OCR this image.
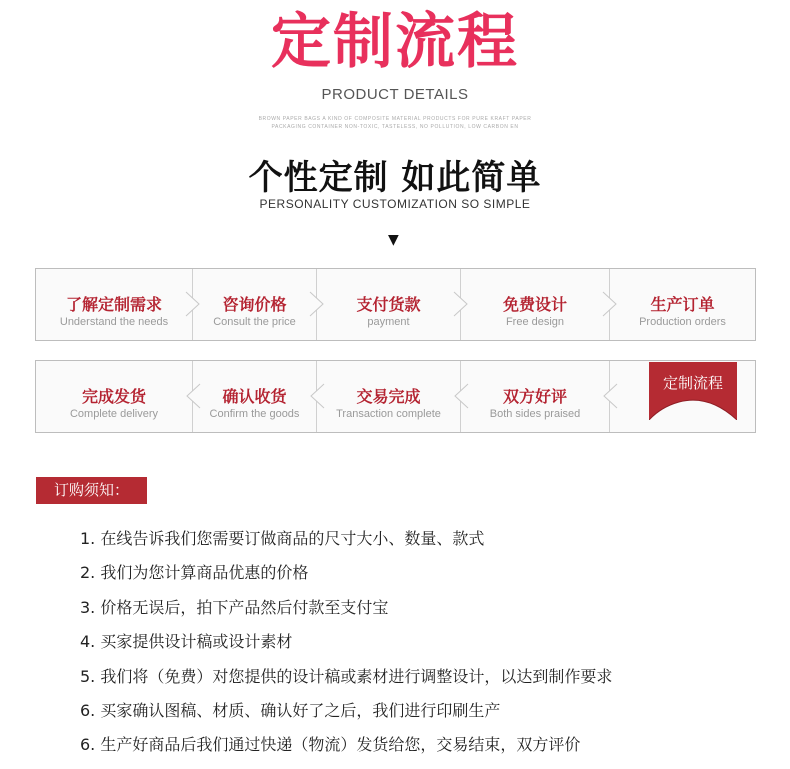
定制流程
PRODUCT DETAILS
BROWN PAPER BAGS A KIND OF COMPOSITE MATERIAL PRODUCTS FOR PURE KRAFT PAPER
PACKAGING CONTAINER NON-TOXIC, TASTELESS, NO POLLUTION, LOW CARBON EN
个性定制 如此简单
PERSONALITY CUSTOMIZATION SO SIMPLE
▼
了解定制需求
Understand the needs
咨询价格
Consult the price
支付货款
payment
免费设计
Free design
生产订单
Production orders
完成发货
Complete delivery
确认收货
Confirm the goods
交易完成
Transaction complete
双方好评
Both sides praised
定制流程
订购须知：
1. 在线告诉我们您需要订做商品的尺寸大小、数量、款式
2. 我们为您计算商品优惠的价格
3. 价格无误后，拍下产品然后付款至支付宝
4. 买家提供设计稿或设计素材
5. 我们将（免费）对您提供的设计稿或素材进行调整设计，以达到制作要求
6. 买家确认图稿、材质、确认好了之后，我们进行印刷生产
6. 生产好商品后我们通过快递（物流）发货给您，交易结束，双方评价
